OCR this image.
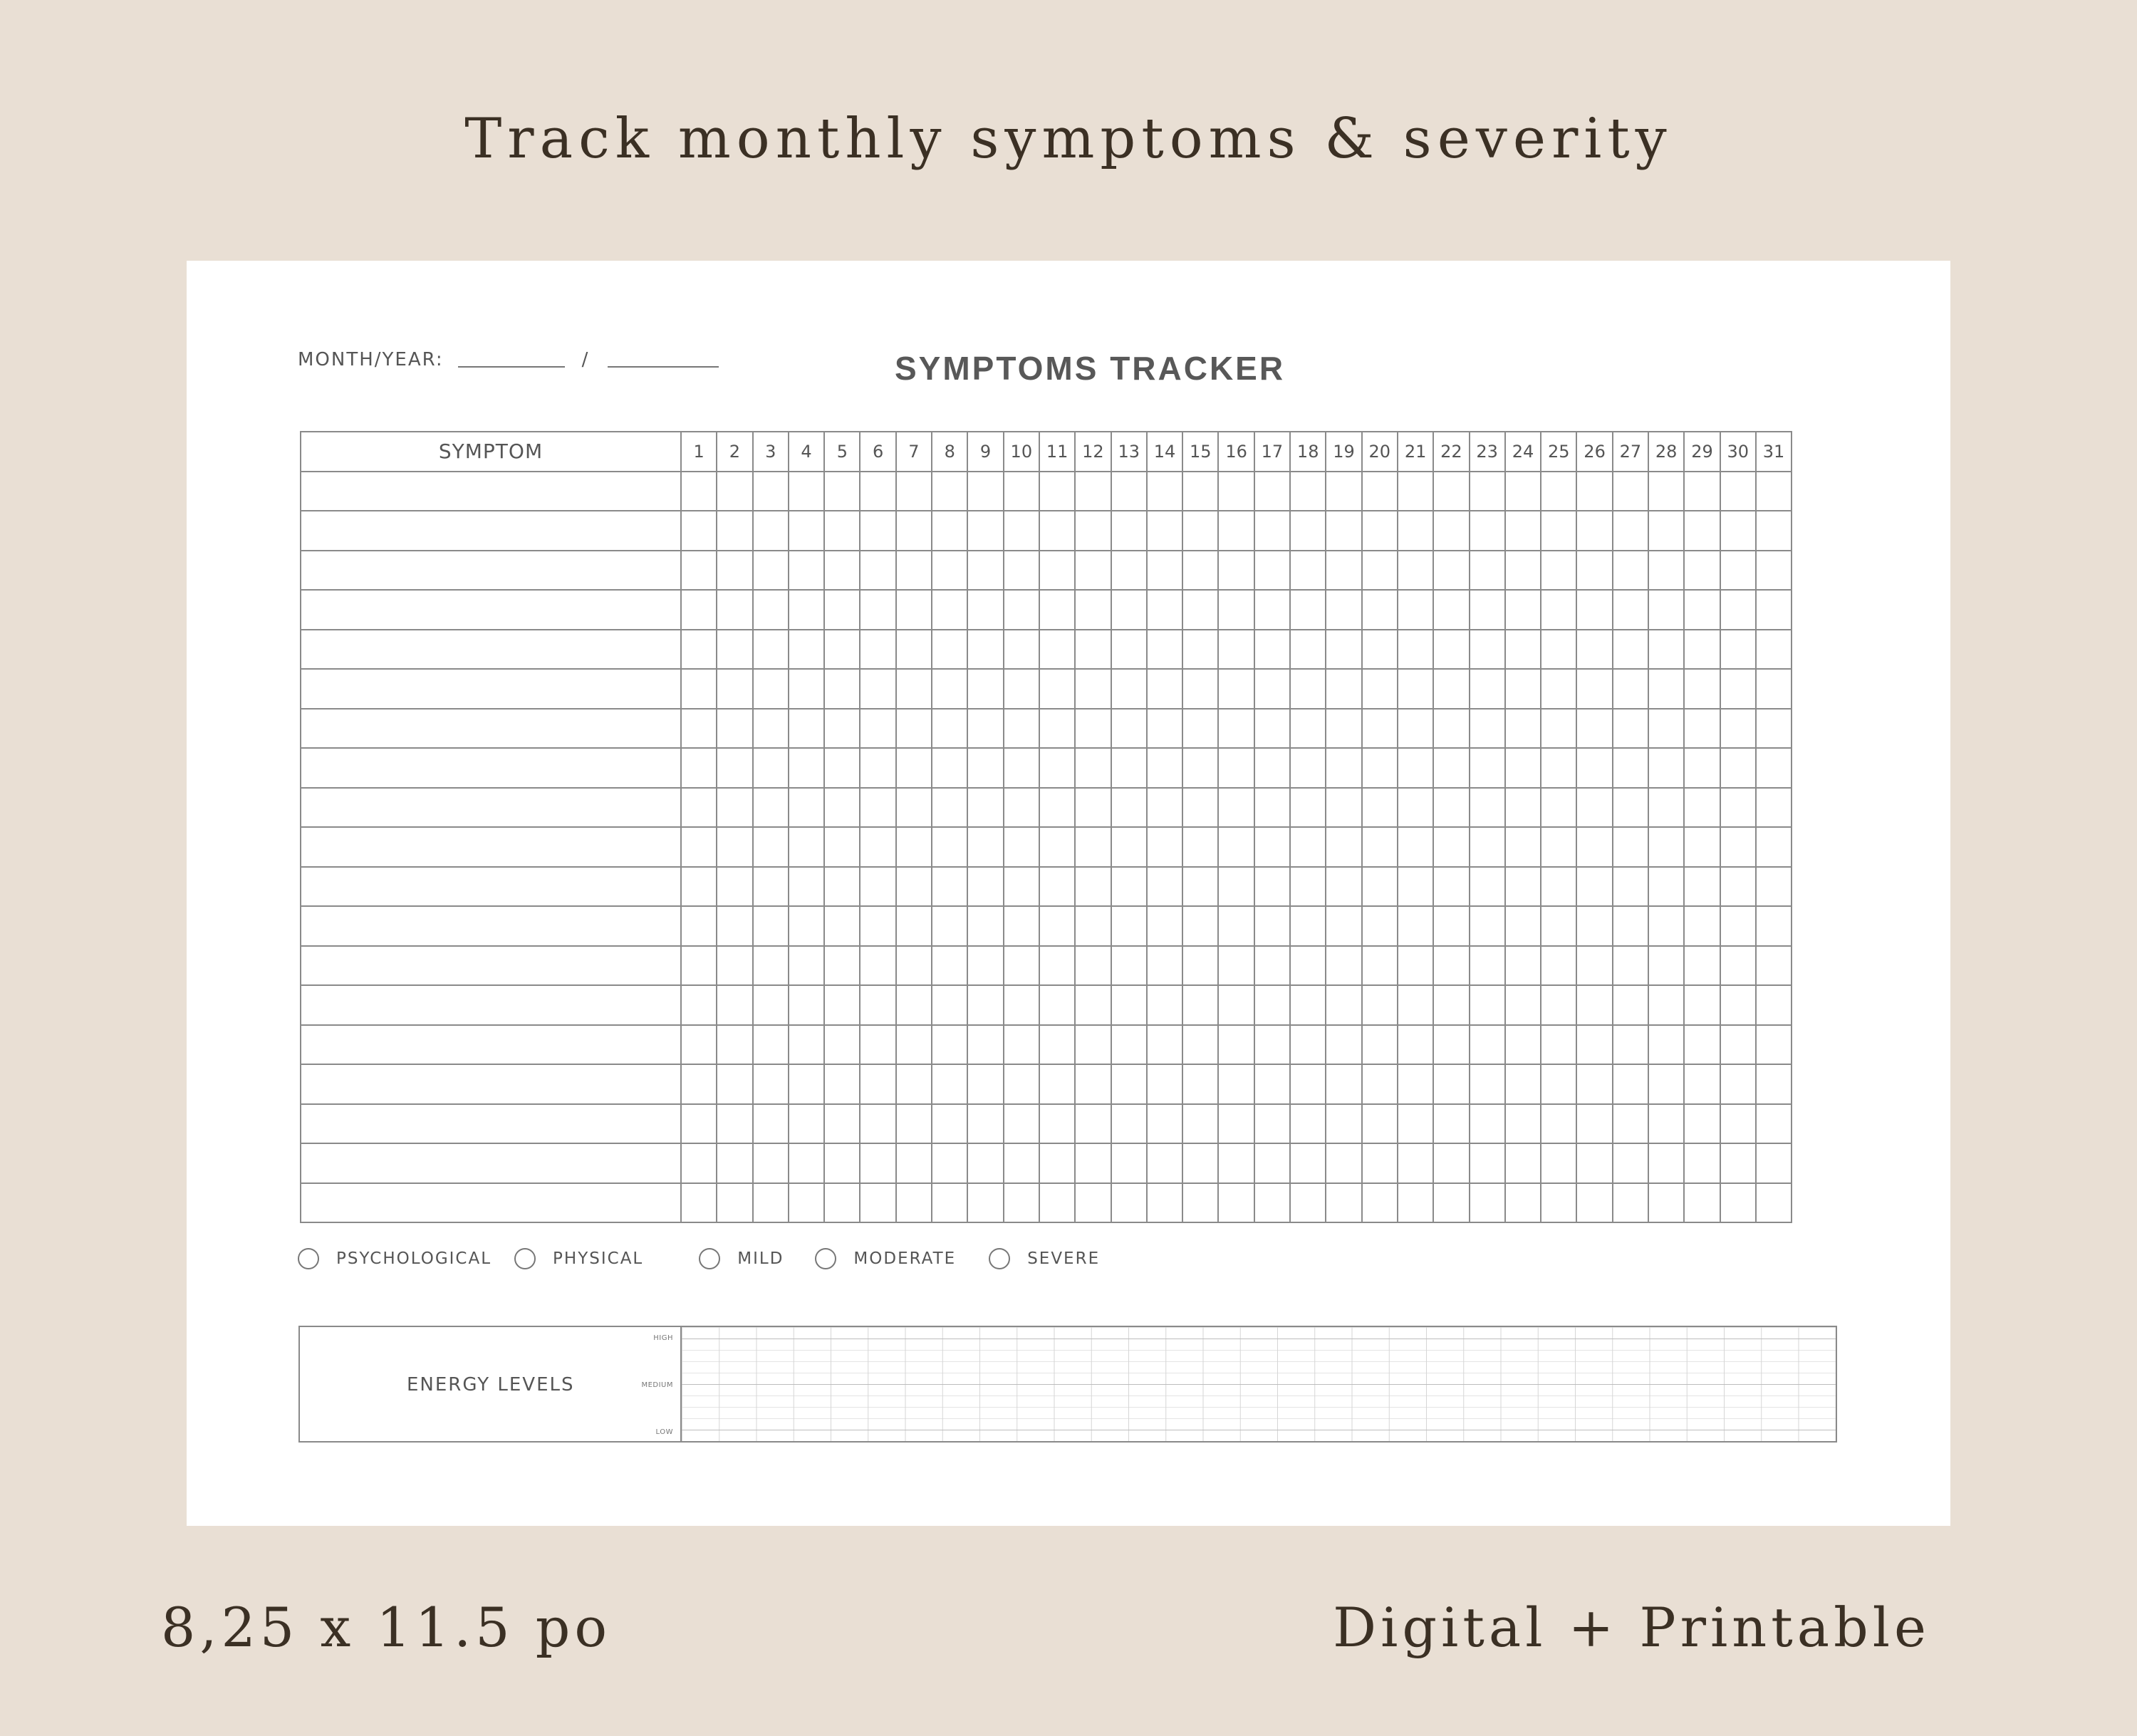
Track monthly symptoms & severity
MONTH/YEAR:	/	SYMPTOMS TRACKER
SYMPTOM	1	2	3	4	5	6	7	8	9	10	11	12	13	14	15	16	17	18	19	20	21	22	23	24	25	26	27	28	29	30	31

PSYCHOLOGICAL	PHYSICAL	MILD	MODERATE	SEVERE
ENERGY LEVELS
HIGH
MEDIUM
LOW
8,25 x 11.5 po	Digital + Printable
